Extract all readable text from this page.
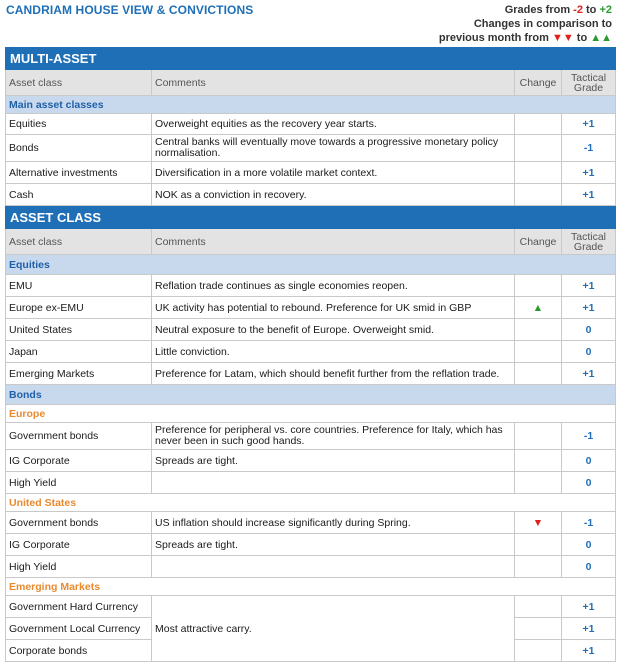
CANDRIAM HOUSE VIEW & CONVICTIONS	Grades from -2 to +2
Changes in comparison to
previous month from ▼▼ to ▲▲
MULTI-ASSET			
Asset class	Comments	Change	Tactical
Grade
Main asset classes			
Equities	Overweight equities as the recovery year starts.		+1
Bonds	Central banks will eventually move towards a progressive monetary policy normalisation.		-1
Alternative investments	Diversification in a more volatile market context.		+1
Cash	NOK as a conviction in recovery.		+1
ASSET CLASS			
Asset class	Comments	Change	Tactical
Grade
Equities			
EMU	Reflation trade continues as single economies reopen.		+1
Europe ex-EMU	UK activity has potential to rebound. Preference for UK smid in GBP	▲	+1
United States	Neutral exposure to the benefit of Europe. Overweight smid.		0
Japan	Little conviction.		0
Emerging Markets	Preference for Latam, which should benefit further from the reflation trade.		+1
Bonds			
Europe			
Government bonds	Preference for peripheral vs. core countries. Preference for Italy, which has never been in such good hands.		-1
IG Corporate	Spreads are tight.		0
High Yield			0
United States			
Government bonds	US inflation should increase significantly during Spring.	▼	-1
IG Corporate	Spreads are tight.		0
High Yield			0
Emerging Markets			
Government Hard Currency	Most attractive carry.		+1
Government Local Currency			+1
Corporate bonds			+1
